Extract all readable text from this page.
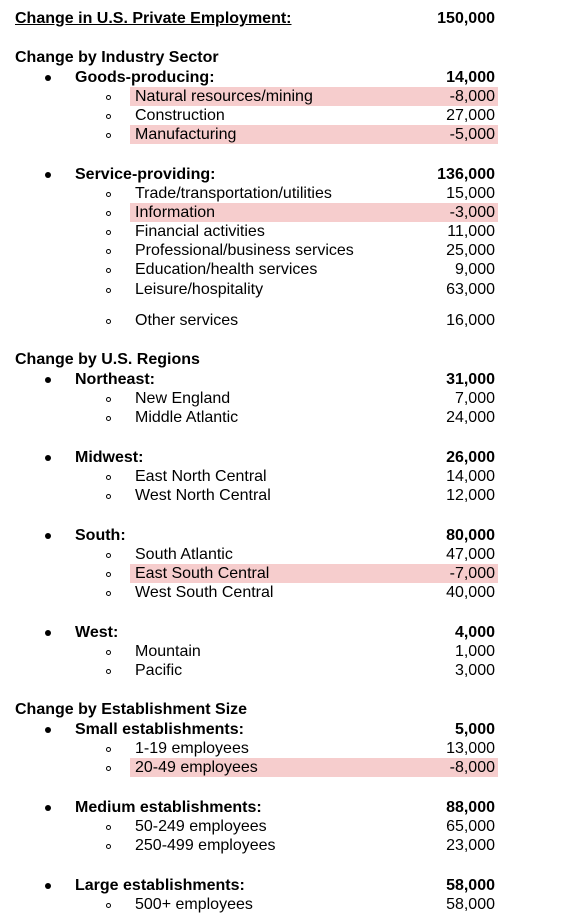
Change in U.S. Private Employment:	150,000
Change by Industry Sector
Goods-producing:	14,000
Natural resources/mining	-8,000
Construction	27,000
Manufacturing	-5,000
Service-providing:	136,000
Trade/transportation/utilities	15,000
Information	-3,000
Financial activities	11,000
Professional/business services	25,000
Education/health services	9,000
Leisure/hospitality	63,000
Other services	16,000
Change by U.S. Regions
Northeast:	31,000
New England	7,000
Middle Atlantic	24,000
Midwest:	26,000
East North Central	14,000
West North Central	12,000
South:	80,000
South Atlantic	47,000
East South Central	-7,000
West South Central	40,000
West:	4,000
Mountain	1,000
Pacific	3,000
Change by Establishment Size
Small establishments:	5,000
1-19 employees	13,000
20-49 employees	-8,000
Medium establishments:	88,000
50-249 employees	65,000
250-499 employees	23,000
Large establishments:	58,000
500+ employees	58,000
